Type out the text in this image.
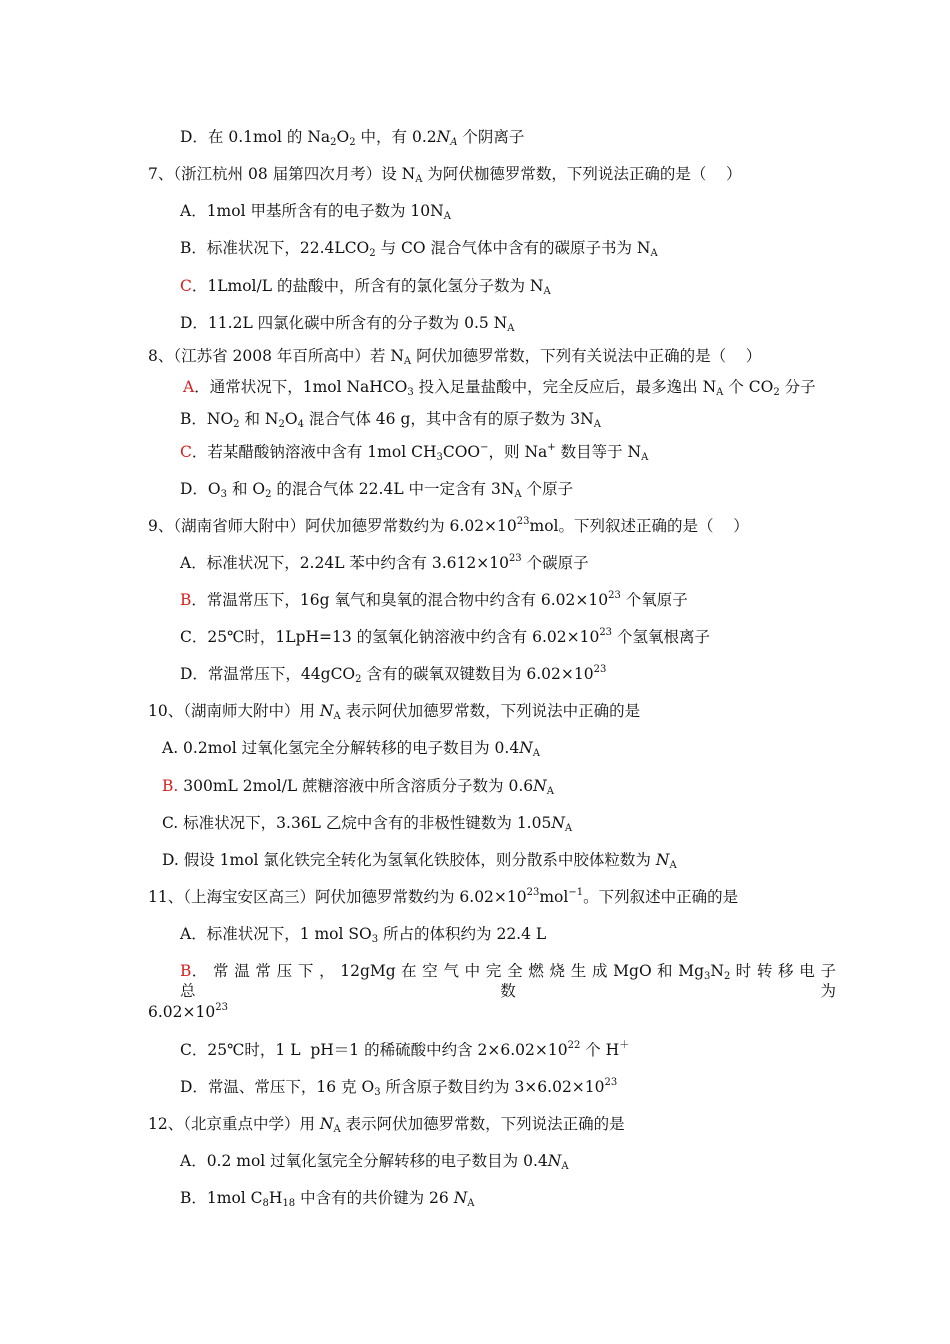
D．在 0.1mol 的 $Na_2O_2$ 中，有 $0.2N_A$ 个阴离子
7、（浙江杭州 08 届第四次月考）设 $N_A$ 为阿伏枷德罗常数，下列说法正确的是（    ）
A．1mol 甲基所含有的电子数为 $10N_A$
B．标准状况下，$22.4LCO_2$ 与 CO 混合气体中含有的碳原子书为 $N_A$
C．1Lmol/L 的盐酸中，所含有的氯化氢分子数为 $N_A$
D．11.2L 四氯化碳中所含有的分子数为 0.5 $N_A$
8、（江苏省 2008 年百所高中）若 $N_A$ 阿伏加德罗常数，下列有关说法中正确的是（    ）
A．通常状况下，1mol NaHCO$_3$ 投入足量盐酸中，完全反应后，最多逸出 $N_A$ 个 $CO_2$ 分子
B．$NO_2$ 和 $N_2O_4$ 混合气体 46 g，其中含有的原子数为 $3N_A$
C．若某醋酸钠溶液中含有 1mol $CH_3COO^-$，则 Na+ 数目等于 $N_A$
D．$O_3$ 和 $O_2$ 的混合气体 22.4L 中一定含有 $3N_A$ 个原子
9、（湖南省师大附中）阿伏加德罗常数约为 $6.02\times 10^{23}mol$。下列叙述正确的是（    ）
A．标准状况下，2.24L 苯中约含有 $3.612\times 10^{23}$ 个碳原子
B．常温常压下，16g 氧气和臭氧的混合物中约含有 $6.02\times 10^{23}$ 个氧原子
C．25℃时，1LpH=13 的氢氧化钠溶液中约含有 $6.02\times 10^{23}$ 个氢氧根离子
D．常温常压下，44gCO$_2$ 含有的碳氧双键数目为 $6.02\times 10^{23}$
10、（湖南师大附中）用 $N_A$ 表示阿伏加德罗常数，下列说法中正确的是
A. 0.2mol 过氧化氢完全分解转移的电子数目为 $0.4N_A$
B. 300mL 2mol/L 蔗糖溶液中所含溶质分子数为 $0.6N_A$
C. 标准状况下，3.36L 乙烷中含有的非极性键数为 $1.05N_A$
D. 假设 1mol 氯化铁完全转化为氢氧化铁胶体，则分散系中胶体粒数为 $N_A$
11、（上海宝安区高三）阿伏加德罗常数约为 $6.02\times 10^{23}mol^{-1}$。下列叙述中正确的是
A．标准状况下，1 mol $SO_3$ 所占的体积约为 22.4 L
B． 常 温 常 压 下 ， 12gMg 在 空 气 中 完 全 燃 烧 生 成 MgO 和 $Mg_3N_2$ 时 转 移 电 子 总 数 为
$6.02\times 10^{23}$
C．25℃时，1 L  pH＝1 的稀硫酸中约含 $2\times 6.02\times 10^{22}$ 个 H＋
D．常温、常压下，16 克 $O_3$ 所含原子数目约为 $3\times 6.02\times 10^{23}$
12、（北京重点中学）用 $N_A$ 表示阿伏加德罗常数，下列说法正确的是
A．0.2 mol 过氧化氢完全分解转移的电子数目为 $0.4N_A$
B．1mol $C_8H_{18}$ 中含有的共价键为 26 $N_A$
